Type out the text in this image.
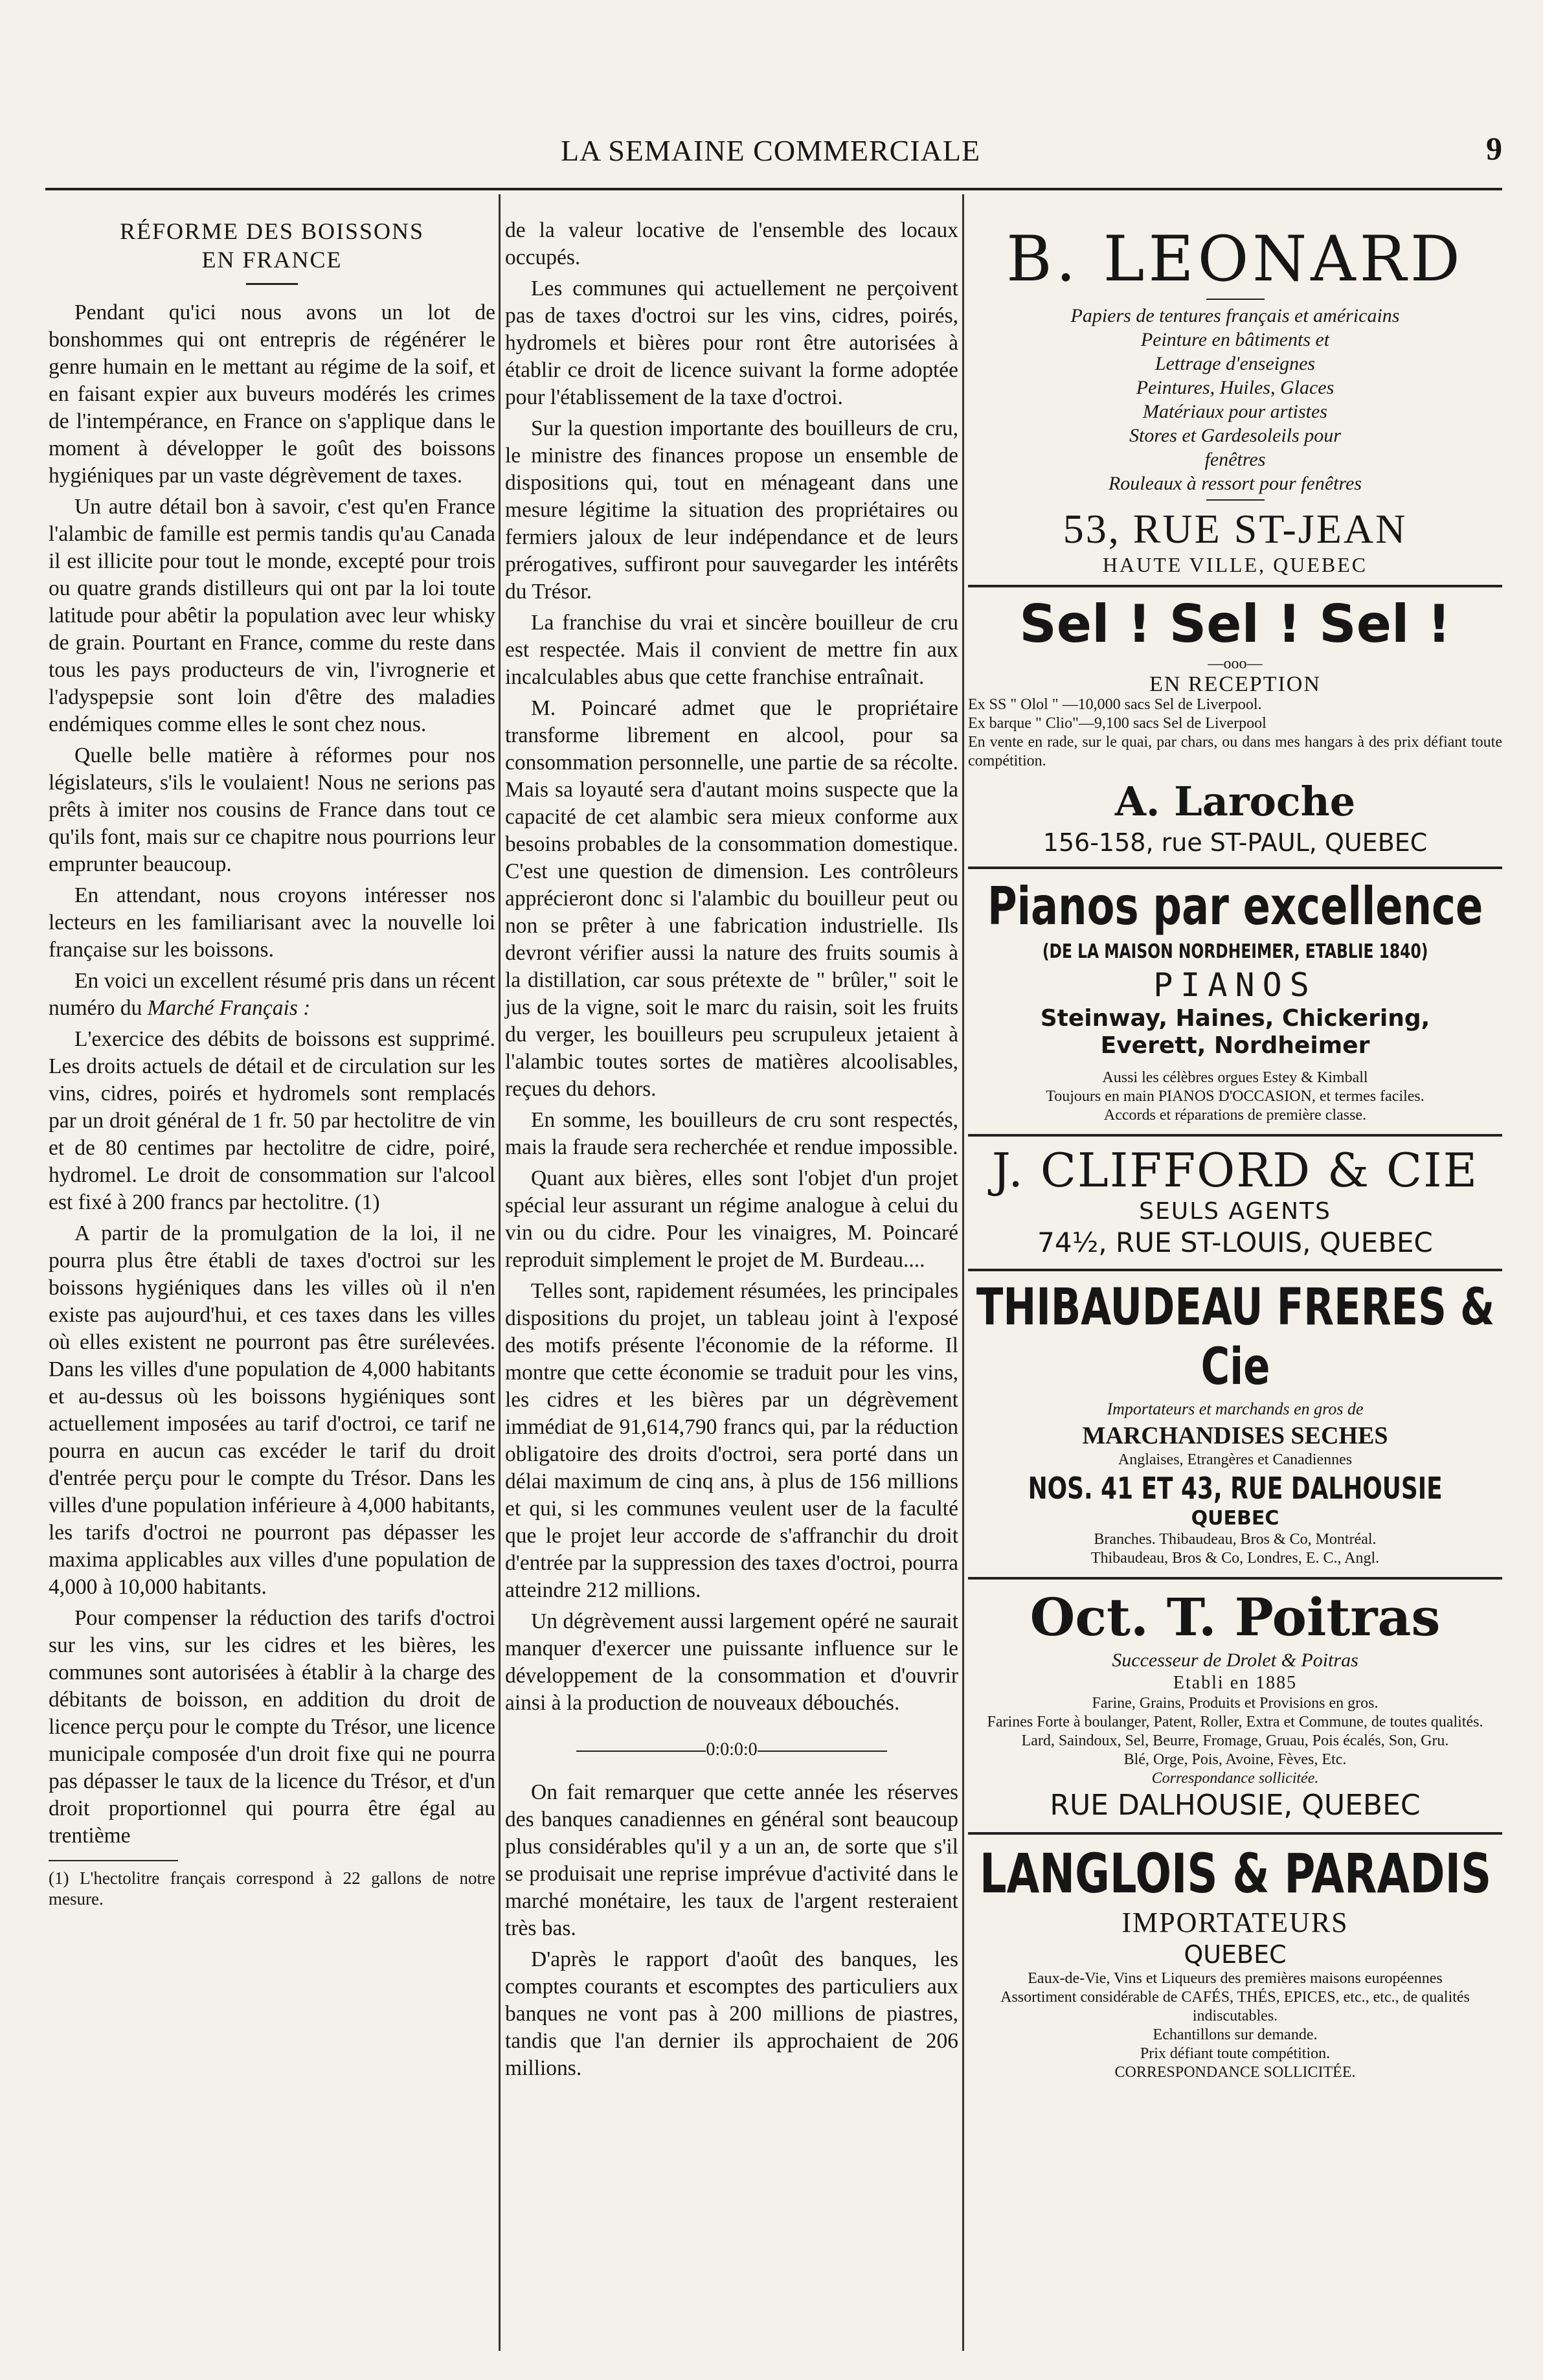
LA SEMAINE COMMERCIALE	9
RÉFORME DES BOISSONS
EN FRANCE

Pendant qu'ici nous avons un lot de bonshommes qui ont entrepris de régénérer le genre humain en le mettant au régime de la soif, et en faisant expier aux buveurs modérés les crimes de l'intempérance, en France on s'applique dans le moment à développer le goût des boissons hygiéniques par un vaste dégrèvement de taxes.

Un autre détail bon à savoir, c'est qu'en France l'alambic de famille est permis tandis qu'au Canada il est illicite pour tout le monde, excepté pour trois ou quatre grands distilleurs qui ont par la loi toute latitude pour abêtir la population avec leur whisky de grain. Pourtant en France, comme du reste dans tous les pays producteurs de vin, l'ivrognerie et l'adyspepsie sont loin d'être des maladies endémiques comme elles le sont chez nous.

Quelle belle matière à réformes pour nos législateurs, s'ils le voulaient! Nous ne serions pas prêts à imiter nos cousins de France dans tout ce qu'ils font, mais sur ce chapitre nous pourrions leur emprunter beaucoup.

En attendant, nous croyons intéresser nos lecteurs en les familiarisant avec la nouvelle loi française sur les boissons.

En voici un excellent résumé pris dans un récent numéro du Marché Français :

L'exercice des débits de boissons est supprimé. Les droits actuels de détail et de circulation sur les vins, cidres, poirés et hydromels sont remplacés par un droit général de 1 fr. 50 par hectolitre de vin et de 80 centimes par hectolitre de cidre, poiré, hydromel. Le droit de consommation sur l'alcool est fixé à 200 francs par hectolitre. (1)

A partir de la promulgation de la loi, il ne pourra plus être établi de taxes d'octroi sur les boissons hygiéniques dans les villes où il n'en existe pas aujourd'hui, et ces taxes dans les villes où elles existent ne pourront pas être surélevées. Dans les villes d'une population de 4,000 habitants et au-dessus où les boissons hygiéniques sont actuellement imposées au tarif d'octroi, ce tarif ne pourra en aucun cas excéder le tarif du droit d'entrée perçu pour le compte du Trésor. Dans les villes d'une population inférieure à 4,000 habitants, les tarifs d'octroi ne pourront pas dépasser les maxima applicables aux villes d'une population de 4,000 à 10,000 habitants.

Pour compenser la réduction des tarifs d'octroi sur les vins, sur les cidres et les bières, les communes sont autorisées à établir à la charge des débitants de boisson, en addition du droit de licence perçu pour le compte du Trésor, une licence municipale composée d'un droit fixe qui ne pourra pas dépasser le taux de la licence du Trésor, et d'un droit proportionnel qui pourra être égal au trentième

(1) L'hectolitre français correspond à 22 gallons de notre mesure.

de la valeur locative de l'ensemble des locaux occupés.

Les communes qui actuellement ne perçoivent pas de taxes d'octroi sur les vins, cidres, poirés, hydromels et bières pour ront être autorisées à établir ce droit de licence suivant la forme adoptée pour l'établissement de la taxe d'octroi.

Sur la question importante des bouilleurs de cru, le ministre des finances propose un ensemble de dispositions qui, tout en ménageant dans une mesure légitime la situation des propriétaires ou fermiers jaloux de leur indépendance et de leurs prérogatives, suffiront pour sauvegarder les intérêts du Trésor.

La franchise du vrai et sincère bouilleur de cru est respectée. Mais il convient de mettre fin aux incalculables abus que cette franchise entraînait.

M. Poincaré admet que le propriétaire transforme librement en alcool, pour sa consommation personnelle, une partie de sa récolte. Mais sa loyauté sera d'autant moins suspecte que la capacité de cet alambic sera mieux conforme aux besoins probables de la consommation domestique. C'est une question de dimension. Les contrôleurs apprécieront donc si l'alambic du bouilleur peut ou non se prêter à une fabrication industrielle. Ils devront vérifier aussi la nature des fruits soumis à la distillation, car sous prétexte de " brûler," soit le jus de la vigne, soit le marc du raisin, soit les fruits du verger, les bouilleurs peu scrupuleux jetaient à l'alambic toutes sortes de matières alcoolisables, reçues du dehors.

En somme, les bouilleurs de cru sont respectés, mais la fraude sera recherchée et rendue impossible.

Quant aux bières, elles sont l'objet d'un projet spécial leur assurant un régime analogue à celui du vin ou du cidre. Pour les vinaigres, M. Poincaré reproduit simplement le projet de M. Burdeau....

Telles sont, rapidement résumées, les principales dispositions du projet, un tableau joint à l'exposé des motifs présente l'économie de la réforme. Il montre que cette économie se traduit pour les vins, les cidres et les bières par un dégrèvement immédiat de 91,614,790 francs qui, par la réduction obligatoire des droits d'octroi, sera porté dans un délai maximum de cinq ans, à plus de 156 millions et qui, si les communes veulent user de la faculté que le projet leur accorde de s'affranchir du droit d'entrée par la suppression des taxes d'octroi, pourra atteindre 212 millions.

Un dégrèvement aussi largement opéré ne saurait manquer d'exercer une puissante influence sur le développement de la consommation et d'ouvrir ainsi à la production de nouveaux débouchés.

0:0:0:0

On fait remarquer que cette année les réserves des banques canadiennes en général sont beaucoup plus considérables qu'il y a un an, de sorte que s'il se produisait une reprise imprévue d'activité dans le marché monétaire, les taux de l'argent resteraient très bas.

D'après le rapport d'août des banques, les comptes courants et escomptes des particuliers aux banques ne vont pas à 200 millions de piastres, tandis que l'an dernier ils approchaient de 206 millions.

B. LEONARD
Papiers de tentures français et américains
Peinture en bâtiments et
Lettrage d'enseignes
Peintures, Huiles, Glaces
Matériaux pour artistes
Stores et Gardesoleils pour
fenêtres
Rouleaux à ressort pour fenêtres
53, RUE ST-JEAN
HAUTE VILLE, QUEBEC
Sel ! Sel ! Sel !
—ooo—
EN RECEPTION
Ex SS " Olol " —10,000 sacs Sel de Liverpool.
Ex barque " Clio"—9,100 sacs Sel de Liverpool
En vente en rade, sur le quai, par chars, ou dans mes hangars à des prix défiant toute compétition.
A. Laroche
156-158, rue ST-PAUL, QUEBEC
Pianos par excellence (DE LA MAISON NORDHEIMER, ETABLIE 1840)
PIANOS
Steinway, Haines, Chickering,
Everett, Nordheimer
Aussi les célèbres orgues Estey & Kimball
Toujours en main PIANOS D'OCCASION, et termes faciles.
Accords et réparations de première classe.
J. CLIFFORD & CIE
SEULS AGENTS
74½, RUE ST-LOUIS, QUEBEC
THIBAUDEAU FRERES & Cie
Importateurs et marchands en gros de
MARCHANDISES SECHES
Anglaises, Etrangères et Canadiennes
NOS. 41 ET 43, RUE DALHOUSIE
QUEBEC
Branches. Thibaudeau, Bros & Co, Montréal.
Thibaudeau, Bros & Co, Londres, E. C., Angl.
Oct. T. Poitras
Successeur de Drolet & Poitras
Etabli en 1885
Farine, Grains, Produits et Provisions en gros.
Farines Forte à boulanger, Patent, Roller, Extra et Commune, de toutes qualités.
Lard, Saindoux, Sel, Beurre, Fromage, Gruau, Pois écalés, Son, Gru.
Blé, Orge, Pois, Avoine, Fèves, Etc.
Correspondance sollicitée.
RUE DALHOUSIE, QUEBEC
LANGLOIS & PARADIS
IMPORTATEURS
QUEBEC
Eaux-de-Vie, Vins et Liqueurs des premières maisons européennes
Assortiment considérable de CAFÉS, THÉS, EPICES, etc., etc., de qualités indiscutables.
Echantillons sur demande.
Prix défiant toute compétition.
CORRESPONDANCE SOLLICITÉE.
